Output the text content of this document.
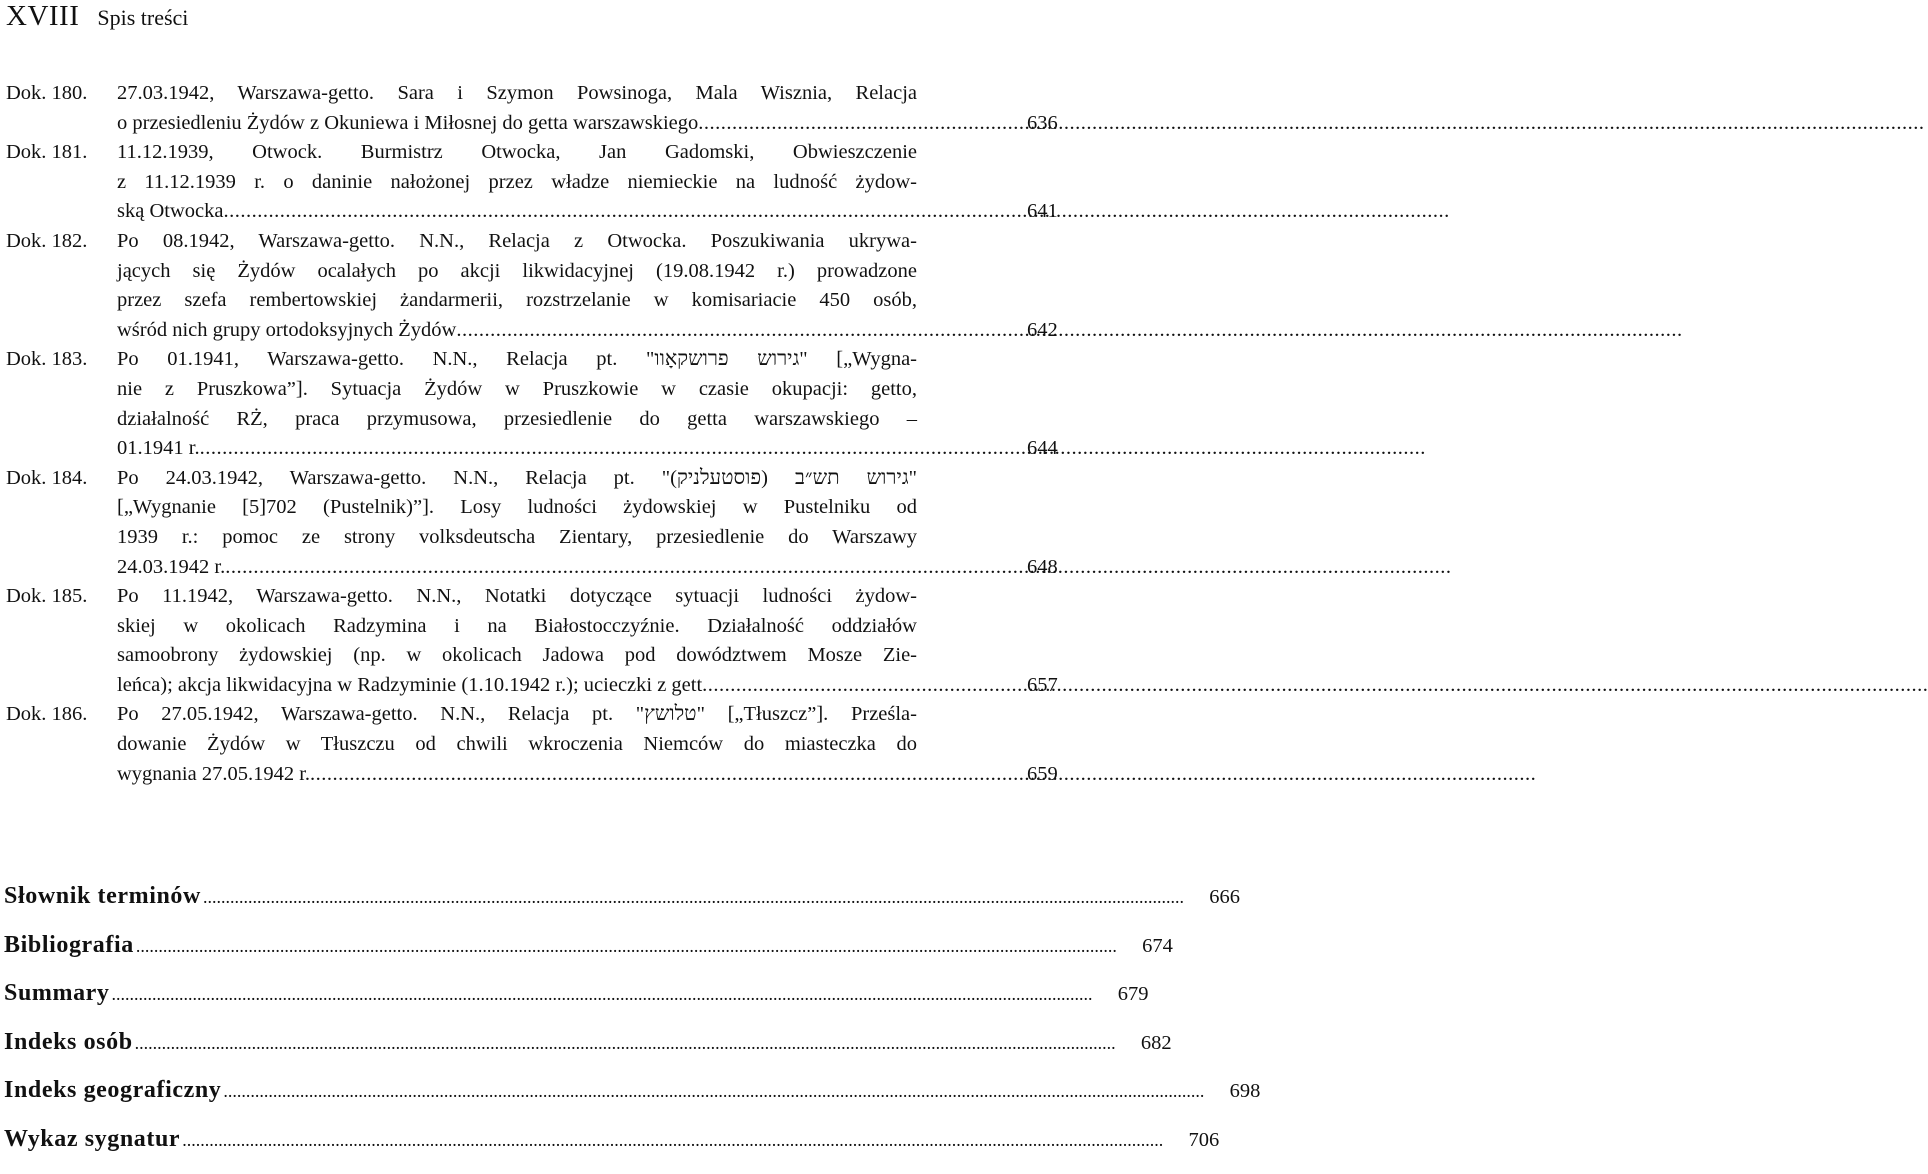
XVIII Spis treści
Dok. 180.	27.03.1942, Warszawa-getto. Sara i Szymon Powsinoga, Mala Wisznia, Relacja
o przesiedleniu Żydów z Okuniewa i Miłosnej do getta warszawskiego .....	636
Dok. 181.	11.12.1939, Otwock. Burmistrz Otwocka, Jan Gadomski, Obwieszczenie
z 11.12.1939 r. o daninie nałożonej przez władze niemieckie na ludność żydow-
ską Otwocka .....	641
Dok. 182.	Po 08.1942, Warszawa-getto. N.N., Relacja z Otwocka. Poszukiwania ukrywa-
jących się Żydów ocalałych po akcji likwidacyjnej (19.08.1942 r.) prowadzone
przez szefa rembertowskiej żandarmerii, rozstrzelanie w komisariacie 450 osób,
wśród nich grupy ortodoksyjnych Żydów .....	642
Dok. 183.	Po 01.1941, Warszawa-getto. N.N., Relacja pt. "גירוש פרושקאָוו" [„Wygna-
nie z Pruszkowa”]. Sytuacja Żydów w Pruszkowie w czasie okupacji: getto,
działalność RŻ, praca przymusowa, przesiedlenie do getta warszawskiego –
01.1941 r. .....	644
Dok. 184.	Po 24.03.1942, Warszawa-getto. N.N., Relacja pt. "גירוש תש״ב (פוסטעלניק)"
[„Wygnanie [5]702 (Pustelnik)”]. Losy ludności żydowskiej w Pustelniku od
1939 r.: pomoc ze strony volksdeutscha Zientary, przesiedlenie do Warszawy
24.03.1942 r. .....	648
Dok. 185.	Po 11.1942, Warszawa-getto. N.N., Notatki dotyczące sytuacji ludności żydow-
skiej w okolicach Radzymina i na Białostocczyźnie. Działalność oddziałów
samoobrony żydowskiej (np. w okolicach Jadowa pod dowództwem Mosze Zie-
leńca); akcja likwidacyjna w Radzyminie (1.10.1942 r.); ucieczki z gett .....	657
Dok. 186.	Po 27.05.1942, Warszawa-getto. N.N., Relacja pt. "טלושץ" [„Tłuszcz”]. Prześla-
dowanie Żydów w Tłuszczu od chwili wkroczenia Niemców do miasteczka do
wygnania 27.05.1942 r. .....	659
Słownik terminów .....	666
Bibliografia .....	674
Summary .....	679
Indeks osób .....	682
Indeks geograficzny .....	698
Wykaz sygnatur .....	706
